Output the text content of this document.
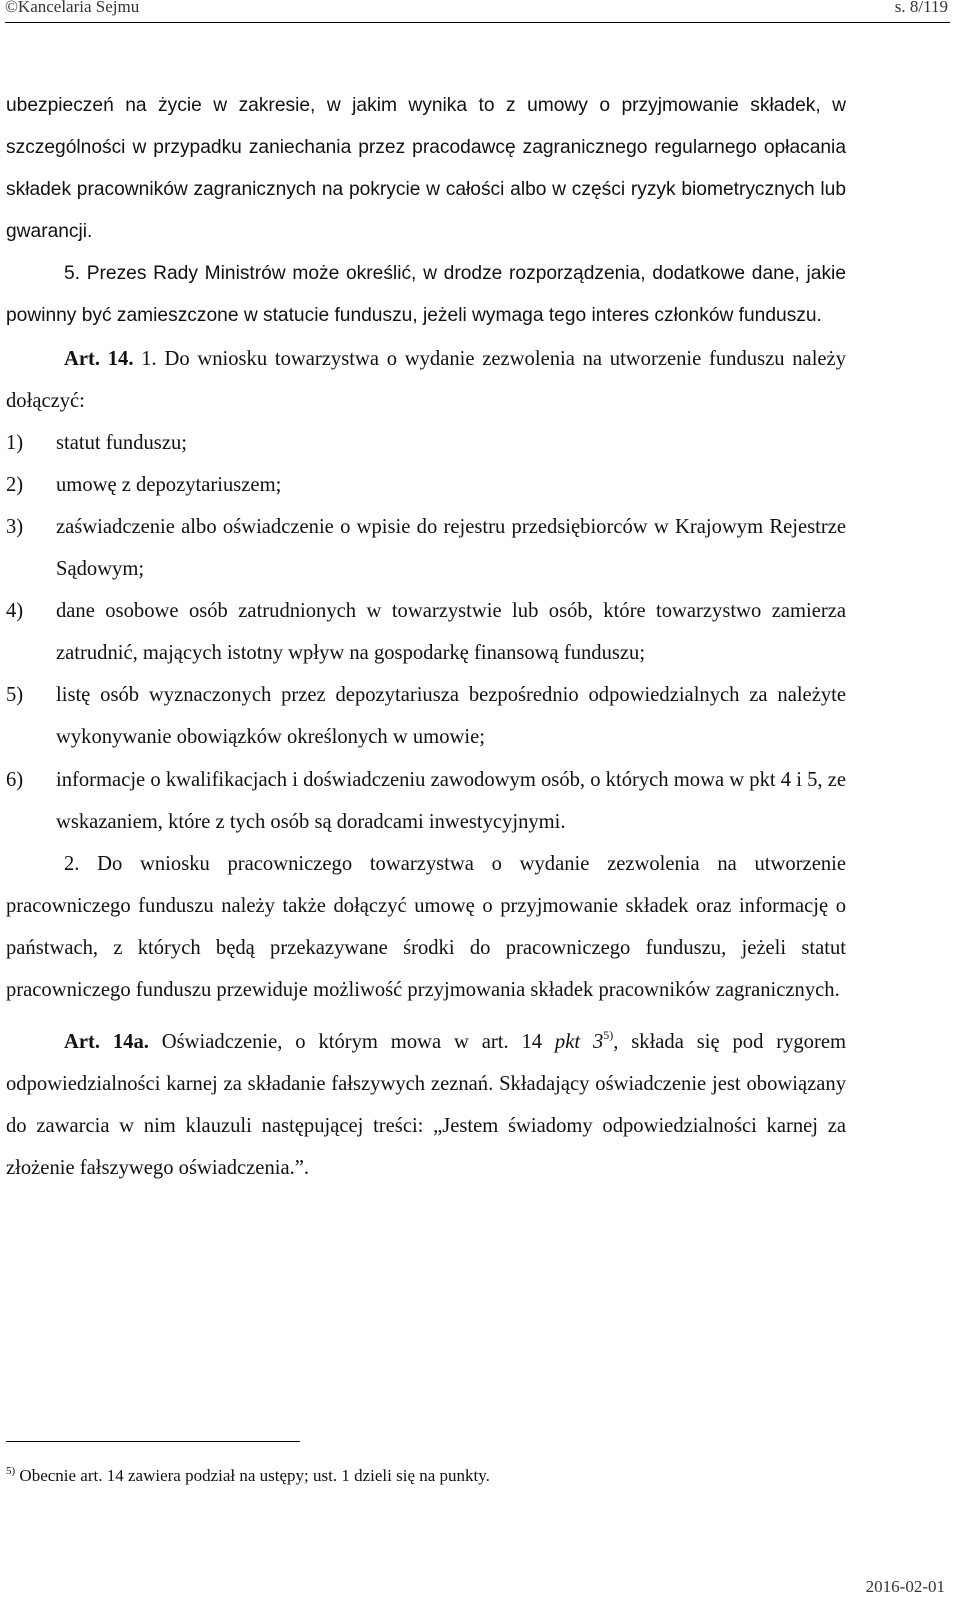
©Kancelaria Sejmu	s. 8/119

ubezpieczeń na życie w zakresie, w jakim wynika to z umowy o przyjmowanie składek, w szczególności w przypadku zaniechania przez pracodawcę zagranicznego regularnego opłacania składek pracowników zagranicznych na pokrycie w całości albo w części ryzyk biometrycznych lub gwarancji.

5. Prezes Rady Ministrów może określić, w drodze rozporządzenia, dodatkowe dane, jakie powinny być zamieszczone w statucie funduszu, jeżeli wymaga tego interes członków funduszu.

Art. 14. 1. Do wniosku towarzystwa o wydanie zezwolenia na utworzenie funduszu należy dołączyć:

1) statut funduszu;
2) umowę z depozytariuszem;
3) zaświadczenie albo oświadczenie o wpisie do rejestru przedsiębiorców w Krajowym Rejestrze Sądowym;
4) dane osobowe osób zatrudnionych w towarzystwie lub osób, które towarzystwo zamierza zatrudnić, mających istotny wpływ na gospodarkę finansową funduszu;
5) listę osób wyznaczonych przez depozytariusza bezpośrednio odpowiedzialnych za należyte wykonywanie obowiązków określonych w umowie;
6) informacje o kwalifikacjach i doświadczeniu zawodowym osób, o których mowa w pkt 4 i 5, ze wskazaniem, które z tych osób są doradcami inwestycyjnymi.

2. Do wniosku pracowniczego towarzystwa o wydanie zezwolenia na utworzenie pracowniczego funduszu należy także dołączyć umowę o przyjmowanie składek oraz informację o państwach, z których będą przekazywane środki do pracowniczego funduszu, jeżeli statut pracowniczego funduszu przewiduje możliwość przyjmowania składek pracowników zagranicznych.

Art. 14a. Oświadczenie, o którym mowa w art. 14 pkt 3$^{5)}$, składa się pod rygorem odpowiedzialności karnej za składanie fałszywych zeznań. Składający oświadczenie jest obowiązany do zawarcia w nim klauzuli następującej treści: „Jestem świadomy odpowiedzialności karnej za złożenie fałszywego oświadczenia.”.

$^{5)}$ Obecnie art. 14 zawiera podział na ustępy; ust. 1 dzieli się na punkty.
2016-02-01
